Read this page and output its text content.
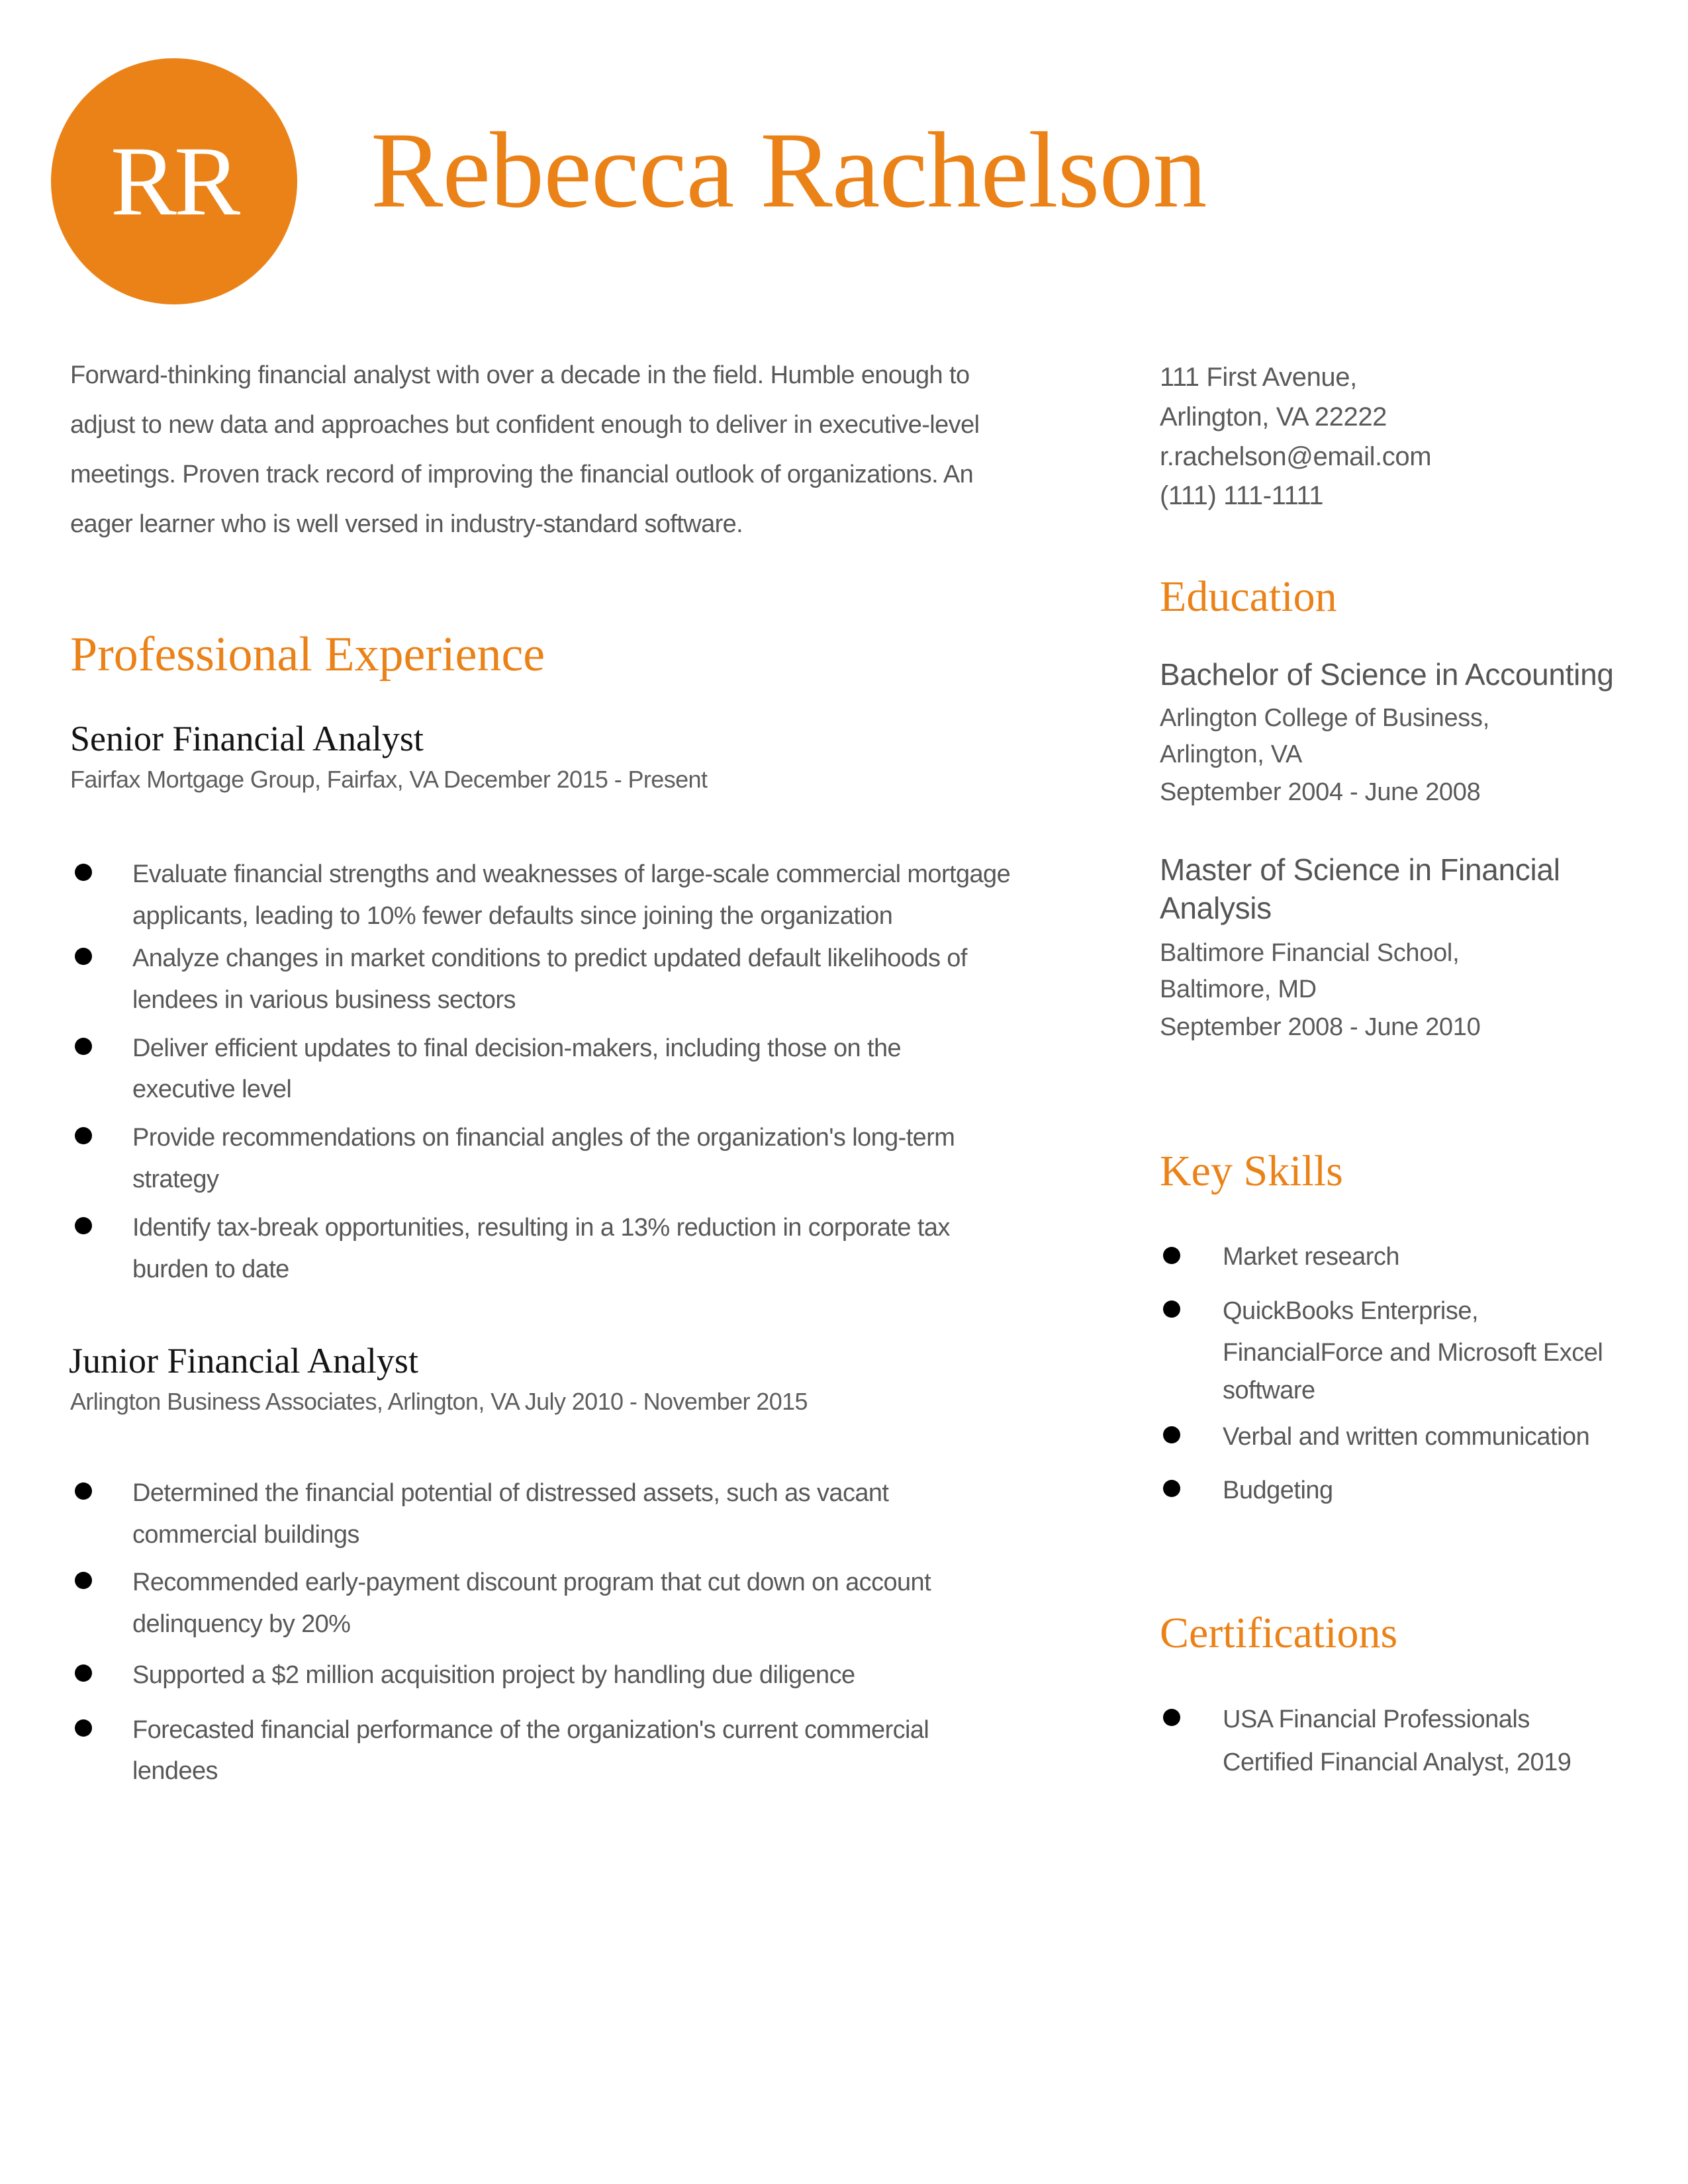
RR	Rebecca Rachelson

Forward-thinking financial analyst with over a decade in the field. Humble enough to

adjust to new data and approaches but confident enough to deliver in executive-level

meetings. Proven track record of improving the financial outlook of organizations. An

eager learner who is well versed in industry-standard software.

111 First Avenue,

Arlington, VA 22222

r.rachelson@email.com

(111) 111-1111

Professional Experience
Senior Financial Analyst

Fairfax Mortgage Group, Fairfax, VA December 2015 - Present

Evaluate financial strengths and weaknesses of large-scale commercial mortgage

applicants, leading to 10% fewer defaults since joining the organization

Analyze changes in market conditions to predict updated default likelihoods of

lendees in various business sectors

Deliver efficient updates to final decision-makers, including those on the

executive level

Provide recommendations on financial angles of the organization's long-term

strategy

Identify tax-break opportunities, resulting in a 13% reduction in corporate tax

burden to date

Junior Financial Analyst

Arlington Business Associates, Arlington, VA July 2010 - November 2015

Determined the financial potential of distressed assets, such as vacant

commercial buildings

Recommended early-payment discount program that cut down on account

delinquency by 20%

Supported a $2 million acquisition project by handling due diligence

Forecasted financial performance of the organization's current commercial

lendees

Education

Bachelor of Science in Accounting

Arlington College of Business,

Arlington, VA

September 2004 - June 2008

Master of Science in Financial

Analysis

Baltimore Financial School,

Baltimore, MD

September 2008 - June 2010

Key Skills

Market research

QuickBooks Enterprise,

FinancialForce and Microsoft Excel

software

Verbal and written communication

Budgeting

Certifications

USA Financial Professionals

Certified Financial Analyst, 2019
